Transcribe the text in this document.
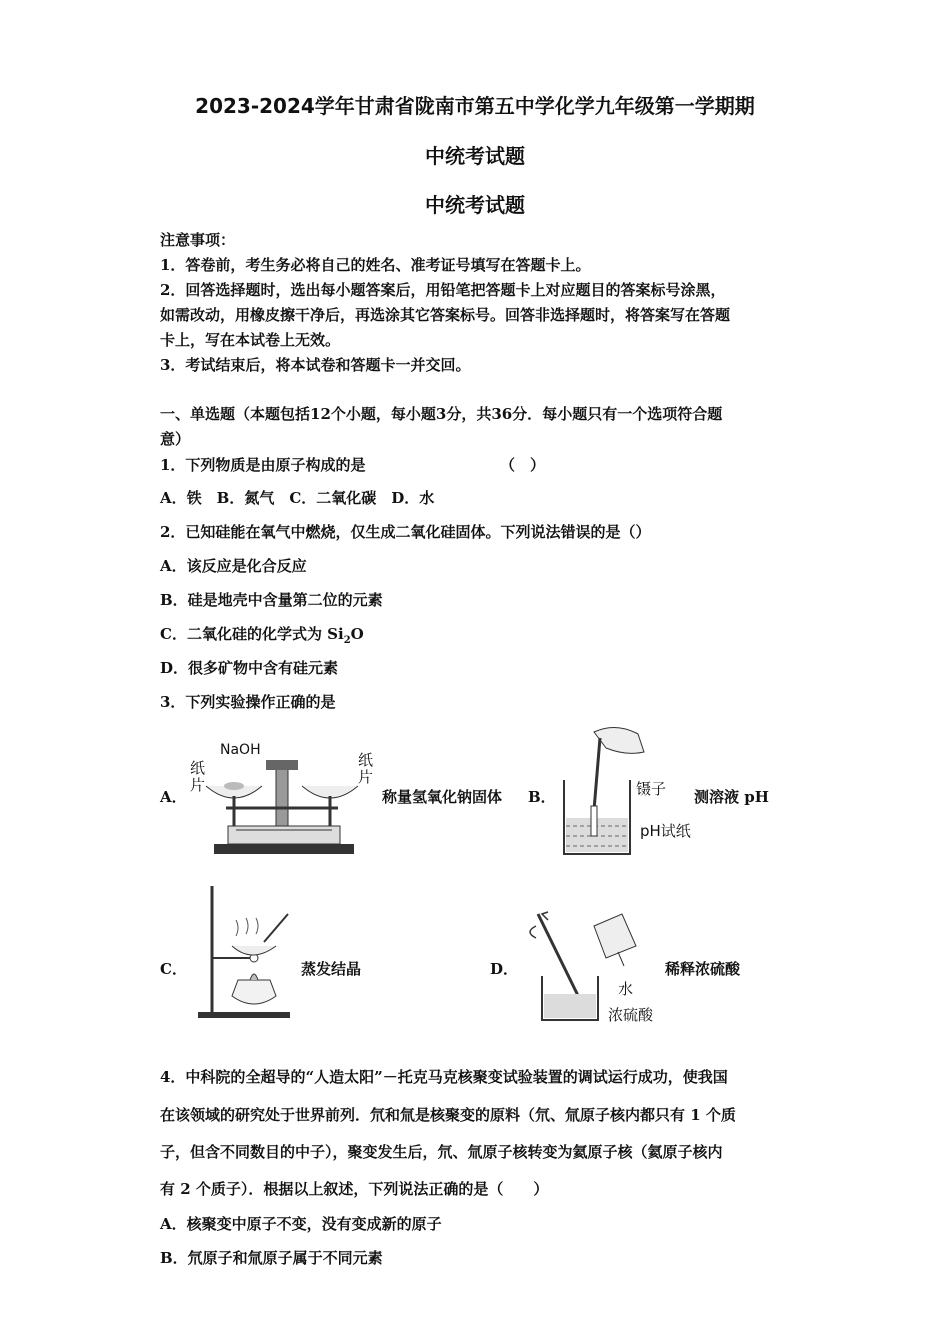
2023-2024学年甘肃省陇南市第五中学化学九年级第一学期期
中统考试题
中统考试题
注意事项：
1．答卷前，考生务必将自己的姓名、准考证号填写在答题卡上。
2．回答选择题时，选出每小题答案后，用铅笔把答题卡上对应题目的答案标号涂黑，
如需改动，用橡皮擦干净后，再选涂其它答案标号。回答非选择题时，将答案写在答题
卡上，写在本试卷上无效。
3．考试结束后，将本试卷和答题卡一并交回。
一、单选题（本题包括12个小题，每小题3分，共36分．每小题只有一个选项符合题
意）
1．下列物质是由原子构成的是	（　）
A．铁　B．氮气　C．二氧化碳　D．水
2．已知硅能在氧气中燃烧，仅生成二氧化硅固体。下列说法错误的是（）
A．该反应是化合反应
B．硅是地壳中含量第二位的元素
C．二氧化硅的化学式为 $Si_2O$
D．很多矿物中含有硅元素
3．下列实验操作正确的是
A．
NaOH
纸片
纸片
称量氢氧化钠固体 B．	镊子
pH试纸
测溶液 pH
C．	蒸发结晶	D．
水
浓硫酸
稀释浓硫酸
4．中科院的全超导的“人造太阳”－托克马克核聚变试验装置的调试运行成功，使我国
在该领域的研究处于世界前列．氘和氚是核聚变的原料（氘、氚原子核内都只有 1 个质
子，但含不同数目的中子），聚变发生后，氘、氚原子核转变为氦原子核（氦原子核内
有 2 个质子）．根据以上叙述，下列说法正确的是（　　）
A．核聚变中原子不变，没有变成新的原子
B．氘原子和氚原子属于不同元素
